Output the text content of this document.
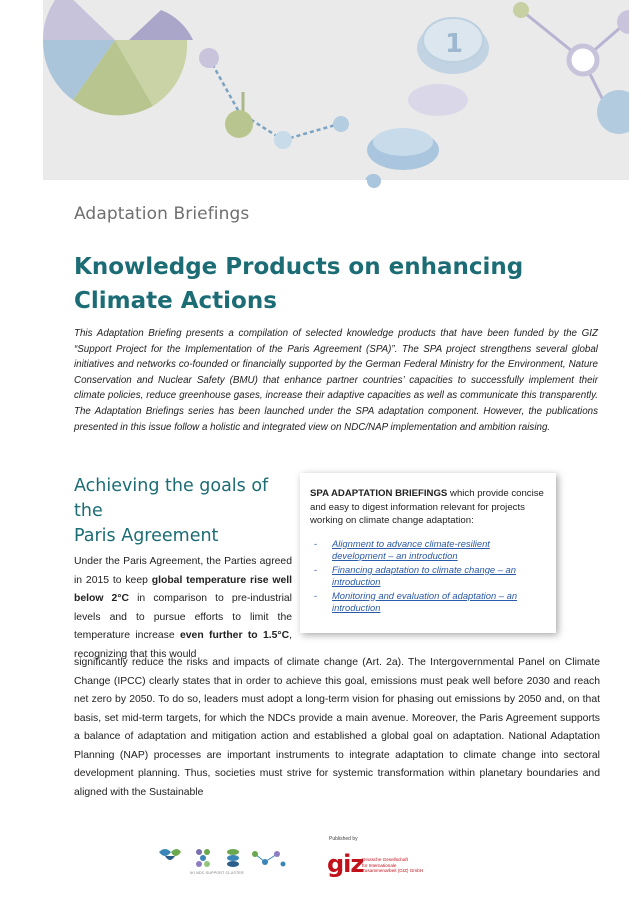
1
Adaptation Briefings
Knowledge Products on enhancing
Climate Actions

This Adaptation Briefing presents a compilation of selected knowledge products that have been funded by the GIZ “Support Project for the Implementation of the Paris Agreement (SPA)”. The SPA project strengthens several global initiatives and networks co-founded or financially supported by the German Federal Ministry for the Environment, Nature Conservation and Nuclear Safety (BMU) that enhance partner countries’ capacities to successfully implement their climate policies, reduce greenhouse gases, increase their adaptive capacities as well as communicate this transparently. The Adaptation Briefings series has been launched under the SPA adaptation component. However, the publications presented in this issue follow a holistic and integrated view on NDC/NAP implementation and ambition raising.

Achieving the goals of the
Paris Agreement

SPA ADAPTATION BRIEFINGS which provide concise and easy to digest information relevant for projects working on climate change adaptation:

- Alignment to advance climate-resilient development – an introduction
- Financing adaptation to climate change – an introduction
- Monitoring and evaluation of adaptation – an introduction

Under the Paris Agreement, the Parties agreed in 2015 to keep global temperature rise well below 2°C in comparison to pre-industrial levels and to pursue efforts to limit the temperature increase even further to 1.5°C, recognizing that this would

significantly reduce the risks and impacts of climate change (Art. 2a). The Intergovernmental Panel on Climate Change (IPCC) clearly states that in order to achieve this goal, emissions must peak well before 2030 and reach net zero by 2050. To do so, leaders must adopt a long-term vision for phasing out emissions by 2050 and, on that basis, set mid-term targets, for which the NDCs provide a main avenue. Moreover, the Paris Agreement supports a balance of adaptation and mitigation action and established a global goal on adaptation. National Adaptation Planning (NAP) processes are important instruments to integrate adaptation to climate change into sectoral development planning. Thus, societies must strive for systemic transformation within planetary boundaries and aligned with the Sustainable

IKI NDC SUPPORT CLUSTER
Published by
giz

Deutsche Gesellschaft
für Internationale
Zusammenarbeit (GIZ) GmbH
